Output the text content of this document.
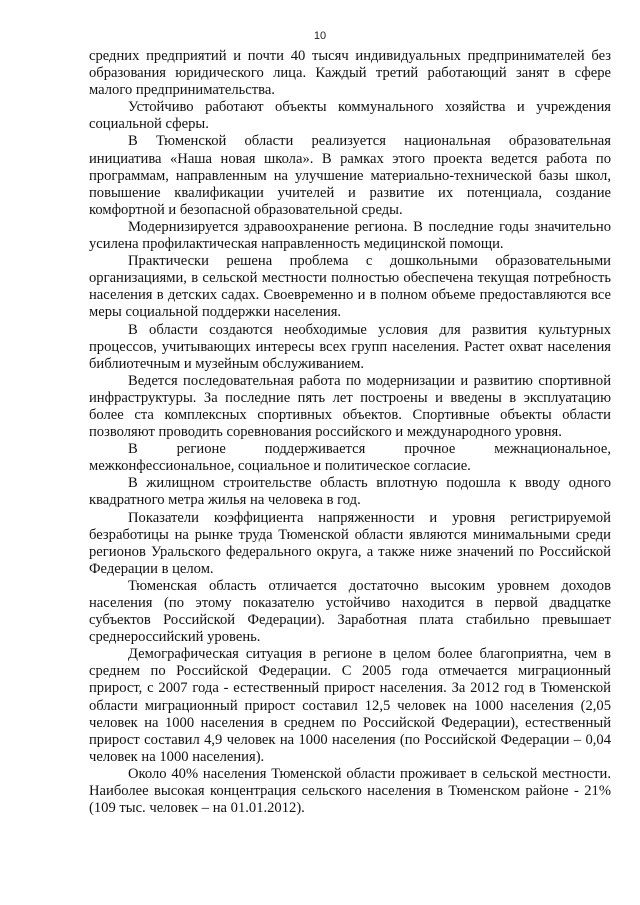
10

средних предприятий и почти 40 тысяч индивидуальных предпринимателей без образования юридического лица. Каждый третий работающий занят в сфере малого предпринимательства.

Устойчиво работают объекты коммунального хозяйства и учреждения социальной сферы.

В Тюменской области реализуется национальная образовательная инициатива «Наша новая школа». В рамках этого проекта ведется работа по программам, направленным на улучшение материально-технической базы школ, повышение квалификации учителей и развитие их потенциала, создание комфортной и безопасной образовательной среды.

Модернизируется здравоохранение региона. В последние годы значительно усилена профилактическая направленность медицинской помощи.

Практически решена проблема с дошкольными образовательными организациями, в сельской местности полностью обеспечена текущая потребность населения в детских садах. Своевременно и в полном объеме предоставляются все меры социальной поддержки населения.

В области создаются необходимые условия для развития культурных процессов, учитывающих интересы всех групп населения. Растет охват населения библиотечным и музейным обслуживанием.

Ведется последовательная работа по модернизации и развитию спортивной инфраструктуры. За последние пять лет построены и введены в эксплуатацию более ста комплексных спортивных объектов. Спортивные объекты области позволяют проводить соревнования российского и международного уровня.

В регионе поддерживается прочное межнациональное, межконфессиональное, социальное и политическое согласие.

В жилищном строительстве область вплотную подошла к вводу одного квадратного метра жилья на человека в год.

Показатели коэффициента напряженности и уровня регистрируемой безработицы на рынке труда Тюменской области являются минимальными среди регионов Уральского федерального округа, а также ниже значений по Российской Федерации в целом.

Тюменская область отличается достаточно высоким уровнем доходов населения (по этому показателю устойчиво находится в первой двадцатке субъектов Российской Федерации). Заработная плата стабильно превышает среднероссийский уровень.

Демографическая ситуация в регионе в целом более благоприятна, чем в среднем по Российской Федерации. С 2005 года отмечается миграционный прирост, с 2007 года - естественный прирост населения. За 2012 год в Тюменской области миграционный прирост составил 12,5 человек на 1000 населения (2,05 человек на 1000 населения в среднем по Российской Федерации), естественный прирост составил 4,9 человек на 1000 населения (по Российской Федерации – 0,04 человек на 1000 населения).

Около 40% населения Тюменской области проживает в сельской местности. Наиболее высокая концентрация сельского населения в Тюменском районе - 21% (109 тыс. человек – на 01.01.2012).
